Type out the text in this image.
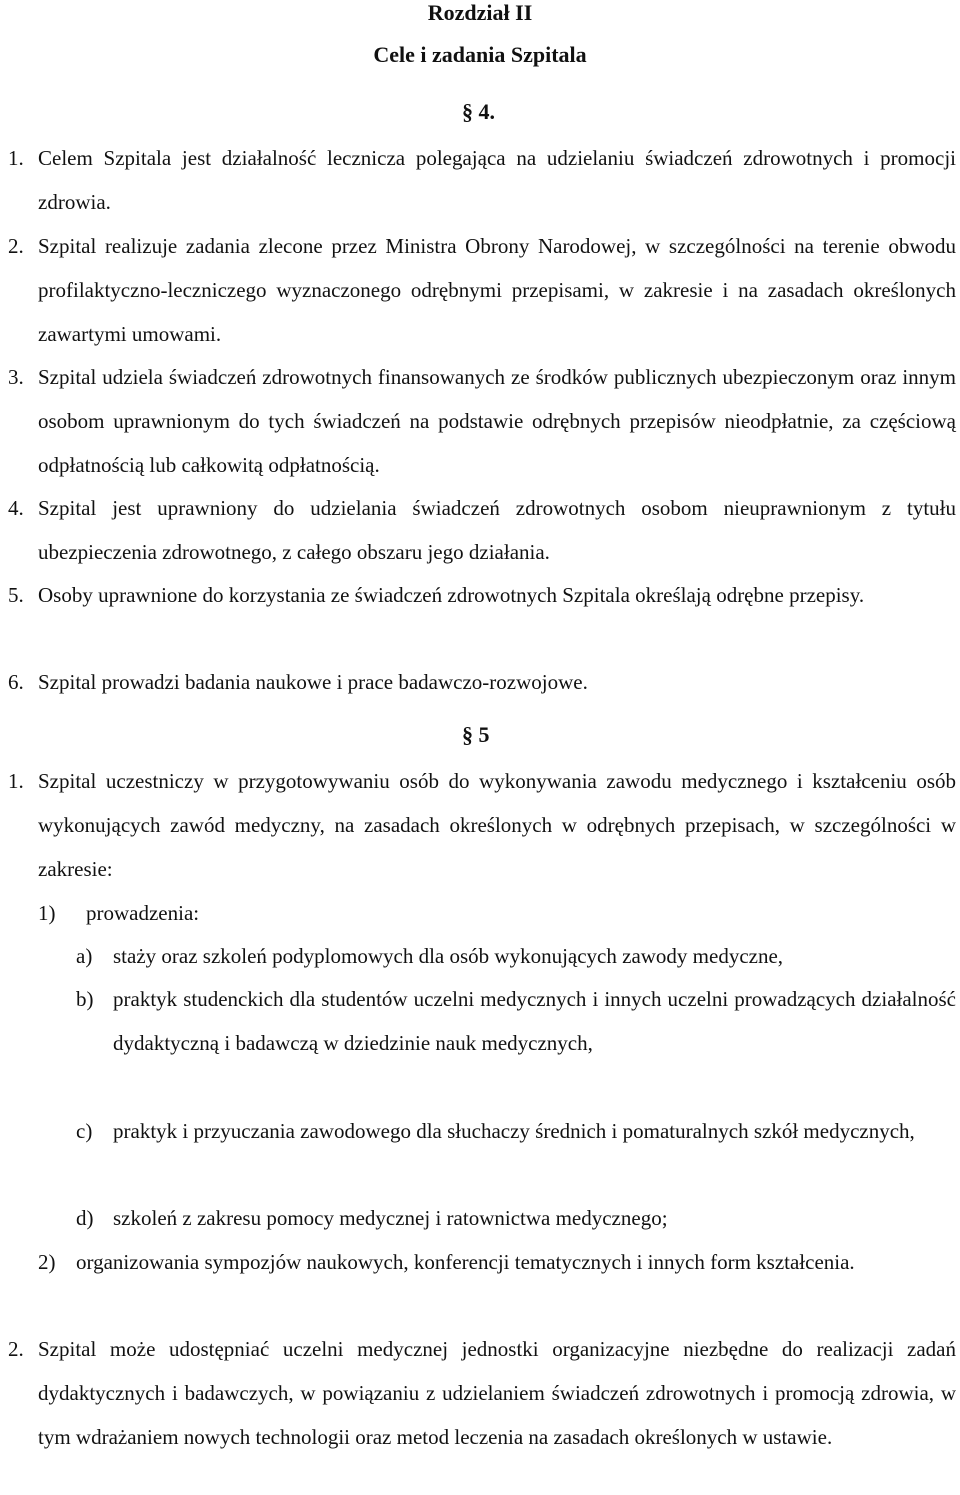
Rozdział II
Cele i zadania Szpitala
§ 4.
1. Celem Szpitala jest działalność lecznicza polegająca na udzielaniu świadczeń zdrowotnych i promocji zdrowia.
2. Szpital realizuje zadania zlecone przez Ministra Obrony Narodowej, w szczególności na terenie obwodu profilaktyczno-leczniczego wyznaczonego odrębnymi przepisami, w zakresie i na zasadach określonych zawartymi umowami.
3. Szpital udziela świadczeń zdrowotnych finansowanych ze środków publicznych ubezpieczonym oraz innym osobom uprawnionym do tych świadczeń na podstawie odrębnych przepisów nieodpłatnie, za częściową odpłatnością lub całkowitą odpłatnością.
4. Szpital jest uprawniony do udzielania świadczeń zdrowotnych osobom nieuprawnionym z tytułu ubezpieczenia zdrowotnego, z całego obszaru jego działania.
5. Osoby uprawnione do korzystania ze świadczeń zdrowotnych Szpitala określają odrębne przepisy.
6. Szpital prowadzi badania naukowe i prace badawczo-rozwojowe.
§ 5
1. Szpital uczestniczy w przygotowywaniu osób do wykonywania zawodu medycznego i kształceniu osób wykonujących zawód medyczny, na zasadach określonych w odrębnych przepisach, w szczególności w zakresie:
1) prowadzenia:
a) staży oraz szkoleń podyplomowych dla osób wykonujących zawody medyczne,
b) praktyk studenckich dla studentów uczelni medycznych i innych uczelni prowadzących działalność dydaktyczną i badawczą w dziedzinie nauk medycznych,
c) praktyk i przyuczania zawodowego dla słuchaczy średnich i pomaturalnych szkół medycznych,
d) szkoleń z zakresu pomocy medycznej i ratownictwa medycznego;
2) organizowania sympozjów naukowych, konferencji tematycznych i innych form kształcenia.
2. Szpital może udostępniać uczelni medycznej jednostki organizacyjne niezbędne do realizacji zadań dydaktycznych i badawczych, w powiązaniu z udzielaniem świadczeń zdrowotnych i promocją zdrowia, w tym wdrażaniem nowych technologii oraz metod leczenia na zasadach określonych w ustawie.
